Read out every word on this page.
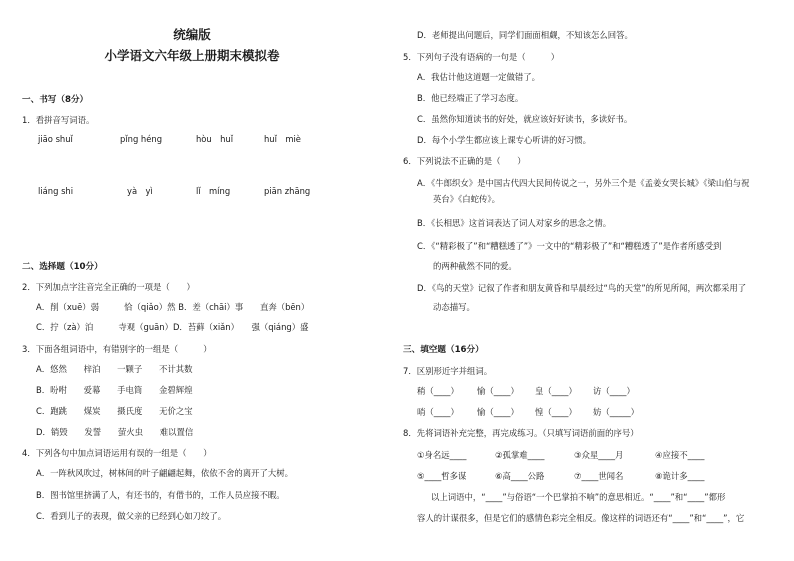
统编版
小学语文六年级上册期末模拟卷
一、书写（8分）
1．看拼音写词语。
jiāo shuǐ	pǐng héng	hòu　huǐ	huǐ　miè
liáng shi	yà　yì	lǐ　míng	piān zhāng
二、选择题（10分）
2．下列加点字注音完全正确的一项是（　　）
A．削（xuē）弱　　　恰（qiǎo）然 B．差（chāi）事　　直奔（bēn）
C．拧（zà）泊　　　寺观（guān）D．苔藓（xiǎn）　　强（qiáng）盛
3．下面各组词语中，有错别字的一组是（　　　）
A．悠然　　梓泊　　一颗子　　不计其数
B．吩咐　　爱幕　　手电筒　　金碧辉煌
C．跑跳　　煤炭　　摄氏度　　无价之宝
D．销毁　　发誓　　萤火虫　　难以置信
4．下列各句中加点词语运用有误的一组是（　　）
A．一阵秋风吹过，树林间的叶子翩翩起舞，依依不舍的离开了大树。
B．图书馆里挤满了人，有还书的，有借书的，工作人员应接不暇。
C．看到儿子的表现，做父亲的已经到心如刀绞了。
D．老师提出问题后，同学们面面相觑，不知该怎么回答。
5．下列句子没有语病的一句是（　　　）
A．我估计他这道题一定做错了。
B．他已经端正了学习态度。
C．虽然你知道读书的好处，就应该好好读书，多读好书。
D．每个小学生都应该上课专心听讲的好习惯。
6．下列说法不正确的是（　　）
A．《牛郎织女》是中国古代四大民间传说之一，另外三个是《孟姜女哭长城》《梁山伯与祝
英台》《白蛇传》。
B．《长相思》这首词表达了词人对家乡的思念之情。
C．《“精彩极了”和“糟糕透了”》一文中的“精彩极了”和“糟糕透了”是作者所感受到
的两种截然不同的爱。
D．《鸟的天堂》记叙了作者和朋友黄昏和早晨经过“鸟的天堂”的所见所闻，两次都采用了
动态描写。
三、填空题（16分）
7．区别形近字并组词。
稍（____） 愉（____） 皇（____） 访（____）
哨（____） 愉（____） 惶（____） 妨（_____）
8．先将词语补充完整，再完成练习。（只填写词语前面的序号）
①身名远____	②孤掌难____	③众星____月	④应接不____
⑤____哲多谋	⑥高____公路	⑦____世闻名	⑧诡计多____
以上词语中，“____”与俗语“一个巴掌拍不响”的意思相近。“____”和“____”都形
容人的计谋很多，但是它们的感情色彩完全相反。像这样的词语还有“____”和“____”，它
